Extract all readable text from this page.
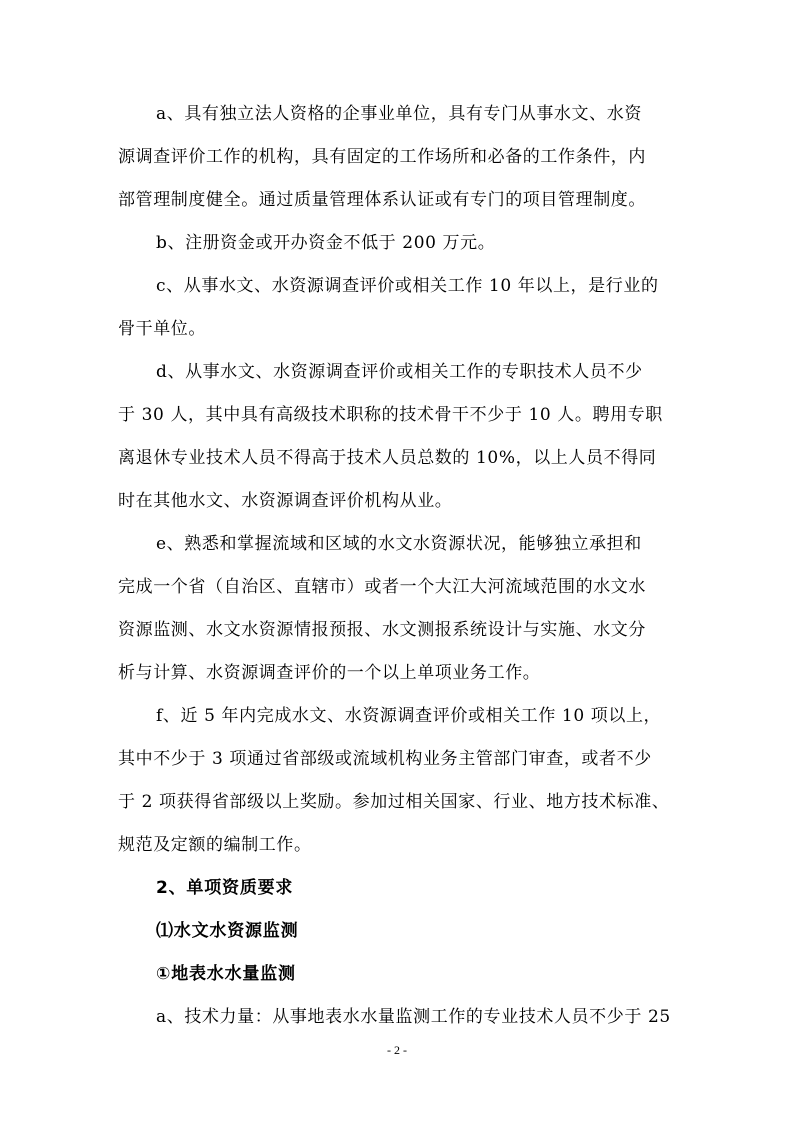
a、具有独立法人资格的企事业单位，具有专门从事水文、水资
源调查评价工作的机构，具有固定的工作场所和必备的工作条件，内
部管理制度健全。通过质量管理体系认证或有专门的项目管理制度。
b、注册资金或开办资金不低于 200 万元。
c、从事水文、水资源调查评价或相关工作 10 年以上，是行业的
骨干单位。
d、从事水文、水资源调查评价或相关工作的专职技术人员不少
于 30 人，其中具有高级技术职称的技术骨干不少于 10 人。聘用专职
离退休专业技术人员不得高于技术人员总数的 10%，以上人员不得同
时在其他水文、水资源调查评价机构从业。
e、熟悉和掌握流域和区域的水文水资源状况，能够独立承担和
完成一个省（自治区、直辖市）或者一个大江大河流域范围的水文水
资源监测、水文水资源情报预报、水文测报系统设计与实施、水文分
析与计算、水资源调查评价的一个以上单项业务工作。
f、近 5 年内完成水文、水资源调查评价或相关工作 10 项以上，
其中不少于 3 项通过省部级或流域机构业务主管部门审查，或者不少
于 2 项获得省部级以上奖励。参加过相关国家、行业、地方技术标准、
规范及定额的编制工作。
2、单项资质要求
⑴水文水资源监测
①地表水水量监测
a、技术力量：从事地表水水量监测工作的专业技术人员不少于 25
- 2 -
